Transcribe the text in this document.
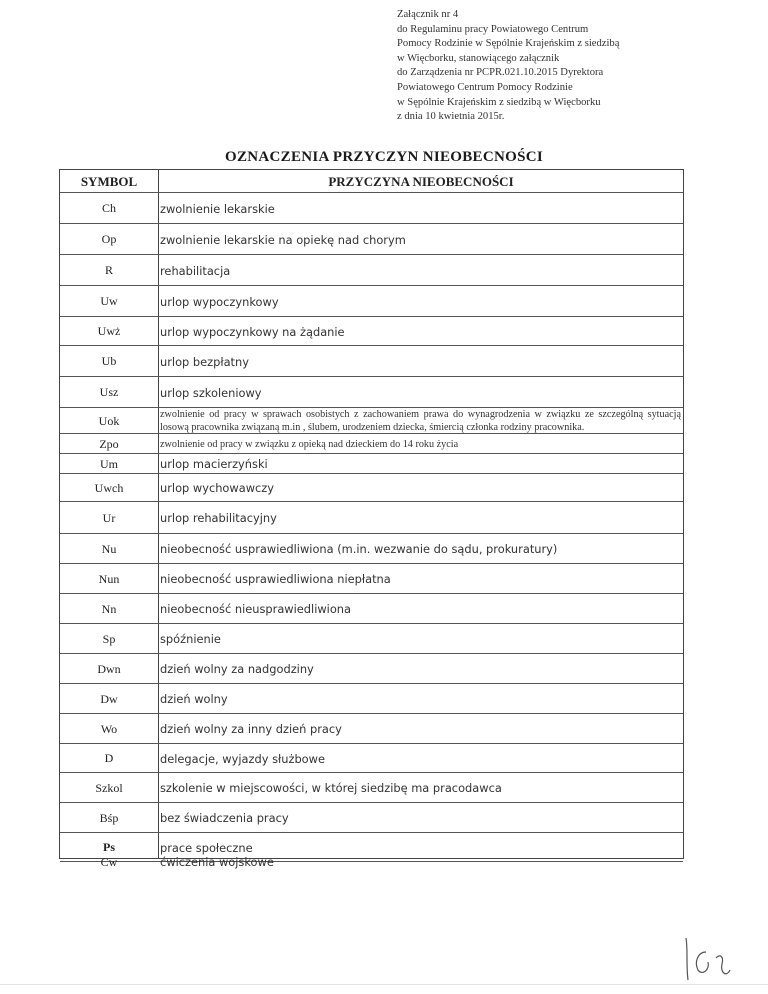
Załącznik nr 4
do Regulaminu pracy Powiatowego Centrum
Pomocy Rodzinie w Sępólnie Krajeńskim z siedzibą
w Więcborku, stanowiącego załącznik
do Zarządzenia nr PCPR.021.10.2015 Dyrektora
Powiatowego Centrum Pomocy Rodzinie
w Sępólnie Krajeńskim z siedzibą w Więcborku
z dnia 10 kwietnia 2015r.
OZNACZENIA PRZYCZYN NIEOBECNOŚCI
SYMBOL	PRZYCZYNA NIEOBECNOŚCI
Ch	zwolnienie lekarskie
Op	zwolnienie lekarskie na opiekę nad chorym
R	rehabilitacja
Uw	urlop wypoczynkowy
Uwż	urlop wypoczynkowy na żądanie
Ub	urlop bezpłatny
Usz	urlop szkoleniowy
Uok	zwolnienie od pracy w sprawach osobistych z zachowaniem prawa do wynagrodzenia w związku ze szczególną sytuacją losową pracownika związaną m.in , ślubem, urodzeniem dziecka, śmiercią członka rodziny pracownika.
Zpo	zwolnienie od pracy w związku z opieką nad dzieckiem do 14 roku życia
Um	urlop macierzyński
Uwch	urlop wychowawczy
Ur	urlop rehabilitacyjny
Nu	nieobecność usprawiedliwiona (m.in. wezwanie do sądu, prokuratury)
Nun	nieobecność usprawiedliwiona niepłatna
Nn	nieobecność nieusprawiedliwiona
Sp	spóźnienie
Dwn	dzień wolny za nadgodziny
Dw	dzień wolny
Wo	dzień wolny za inny dzień pracy
D	delegacje, wyjazdy służbowe
Szkol	szkolenie w miejscowości, w której siedzibę ma pracodawca
Bśp	bez świadczenia pracy
Ps	prace społeczne
Cw	ćwiczenia wojskowe
